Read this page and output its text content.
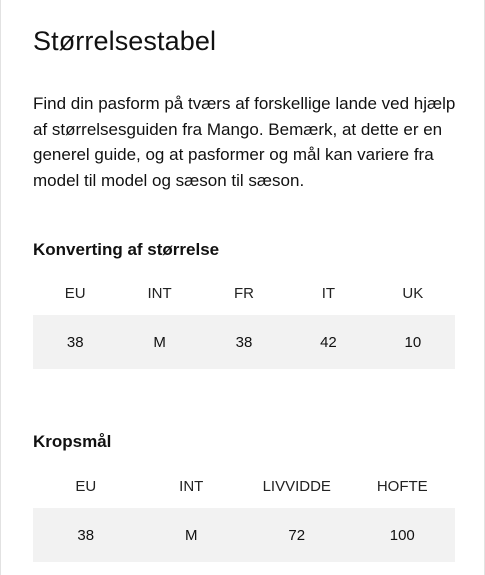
Størrelsestabel

Find din pasform på tværs af forskellige lande ved hjælp af størrelsesguiden fra Mango. Bemærk, at dette er en generel guide, og at pasformer og mål kan variere fra model til model og sæson til sæson.

Konverting af størrelse
EU	INT	FR	IT	UK
38	M	38	42	10
Kropsmål
EU	INT	LIVVIDDE	HOFTE
38	M	72	100
